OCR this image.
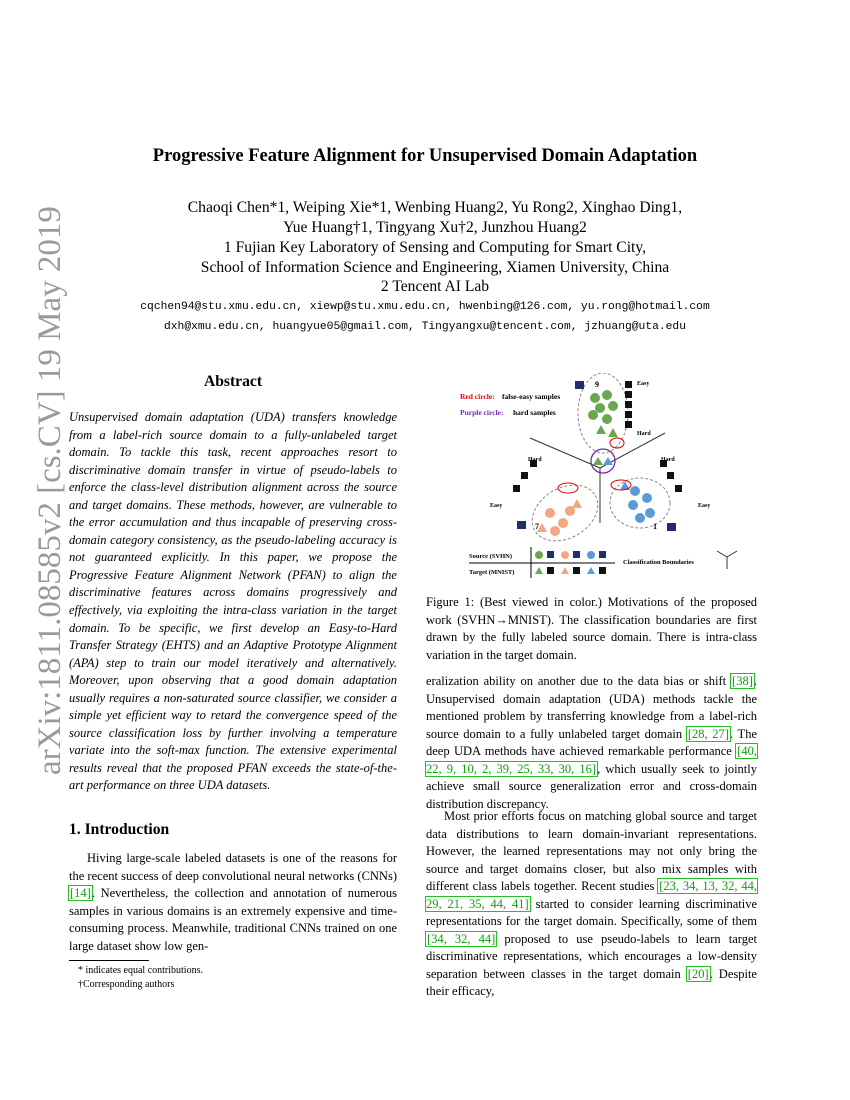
arXiv:1811.08585v2 [cs.CV] 19 May 2019
Progressive Feature Alignment for Unsupervised Domain Adaptation
Chaoqi Chen*1, Weiping Xie*1, Wenbing Huang2, Yu Rong2, Xinghao Ding1,
Yue Huang†1, Tingyang Xu†2, Junzhou Huang2
1 Fujian Key Laboratory of Sensing and Computing for Smart City,
School of Information Science and Engineering, Xiamen University, China
2 Tencent AI Lab
cqchen94@stu.xmu.edu.cn, xiewp@stu.xmu.edu.cn, hwenbing@126.com, yu.rong@hotmail.com
dxh@xmu.edu.cn, huangyue05@gmail.com, Tingyangxu@tencent.com, jzhuang@uta.edu
Abstract
Unsupervised domain adaptation (UDA) transfers knowledge from a label-rich source domain to a fully-unlabeled target domain. To tackle this task, recent approaches resort to discriminative domain transfer in virtue of pseudo-labels to enforce the class-level distribution alignment across the source and target domains. These methods, however, are vulnerable to the error accumulation and thus incapable of preserving cross-domain category consistency, as the pseudo-labeling accuracy is not guaranteed explicitly. In this paper, we propose the Progressive Feature Alignment Network (PFAN) to align the discriminative features across domains progressively and effectively, via exploiting the intra-class variation in the target domain. To be specific, we first develop an Easy-to-Hard Transfer Strategy (EHTS) and an Adaptive Prototype Alignment (APA) step to train our model iteratively and alternatively. Moreover, upon observing that a good domain adaptation usually requires a non-saturated source classifier, we consider a simple yet efficient way to retard the convergence speed of the source classification loss by further involving a temperature variate into the soft-max function. The extensive experimental results reveal that the proposed PFAN exceeds the state-of-the-art performance on three UDA datasets.
1. Introduction
Hiving large-scale labeled datasets is one of the reasons for the recent success of deep convolutional neural networks (CNNs) [14]. Nevertheless, the collection and annotation of numerous samples in various domains is an extremely expensive and time-consuming process. Meanwhile, traditional CNNs trained on one large dataset show low gen-
* indicates equal contributions.
†Corresponding authors
Red circle: false-easy samples
Purple circle: hard samples
9
7	1
Easy
Hard
Hard
Easy
Hard
Easy
Source (SVHN)
Target (MNIST)
Classification Boundaries
Figure 1: (Best viewed in color.) Motivations of the proposed work (SVHN→MNIST). The classification boundaries are first drawn by the fully labeled source domain. There is intra-class variation in the target domain.
eralization ability on another due to the data bias or shift [38]. Unsupervised domain adaptation (UDA) methods tackle the mentioned problem by transferring knowledge from a label-rich source domain to a fully unlabeled target domain [28, 27]. The deep UDA methods have achieved remarkable performance [40, 22, 9, 10, 2, 39, 25, 33, 30, 16], which usually seek to jointly achieve small source generalization error and cross-domain distribution discrepancy.
Most prior efforts focus on matching global source and target data distributions to learn domain-invariant representations. However, the learned representations may not only bring the source and target domains closer, but also mix samples with different class labels together. Recent studies [23, 34, 13, 32, 44, 29, 21, 35, 44, 41] started to consider learning discriminative representations for the target domain. Specifically, some of them [34, 32, 44] proposed to use pseudo-labels to learn target discriminative representations, which encourages a low-density separation between classes in the target domain [20]. Despite their efficacy,
